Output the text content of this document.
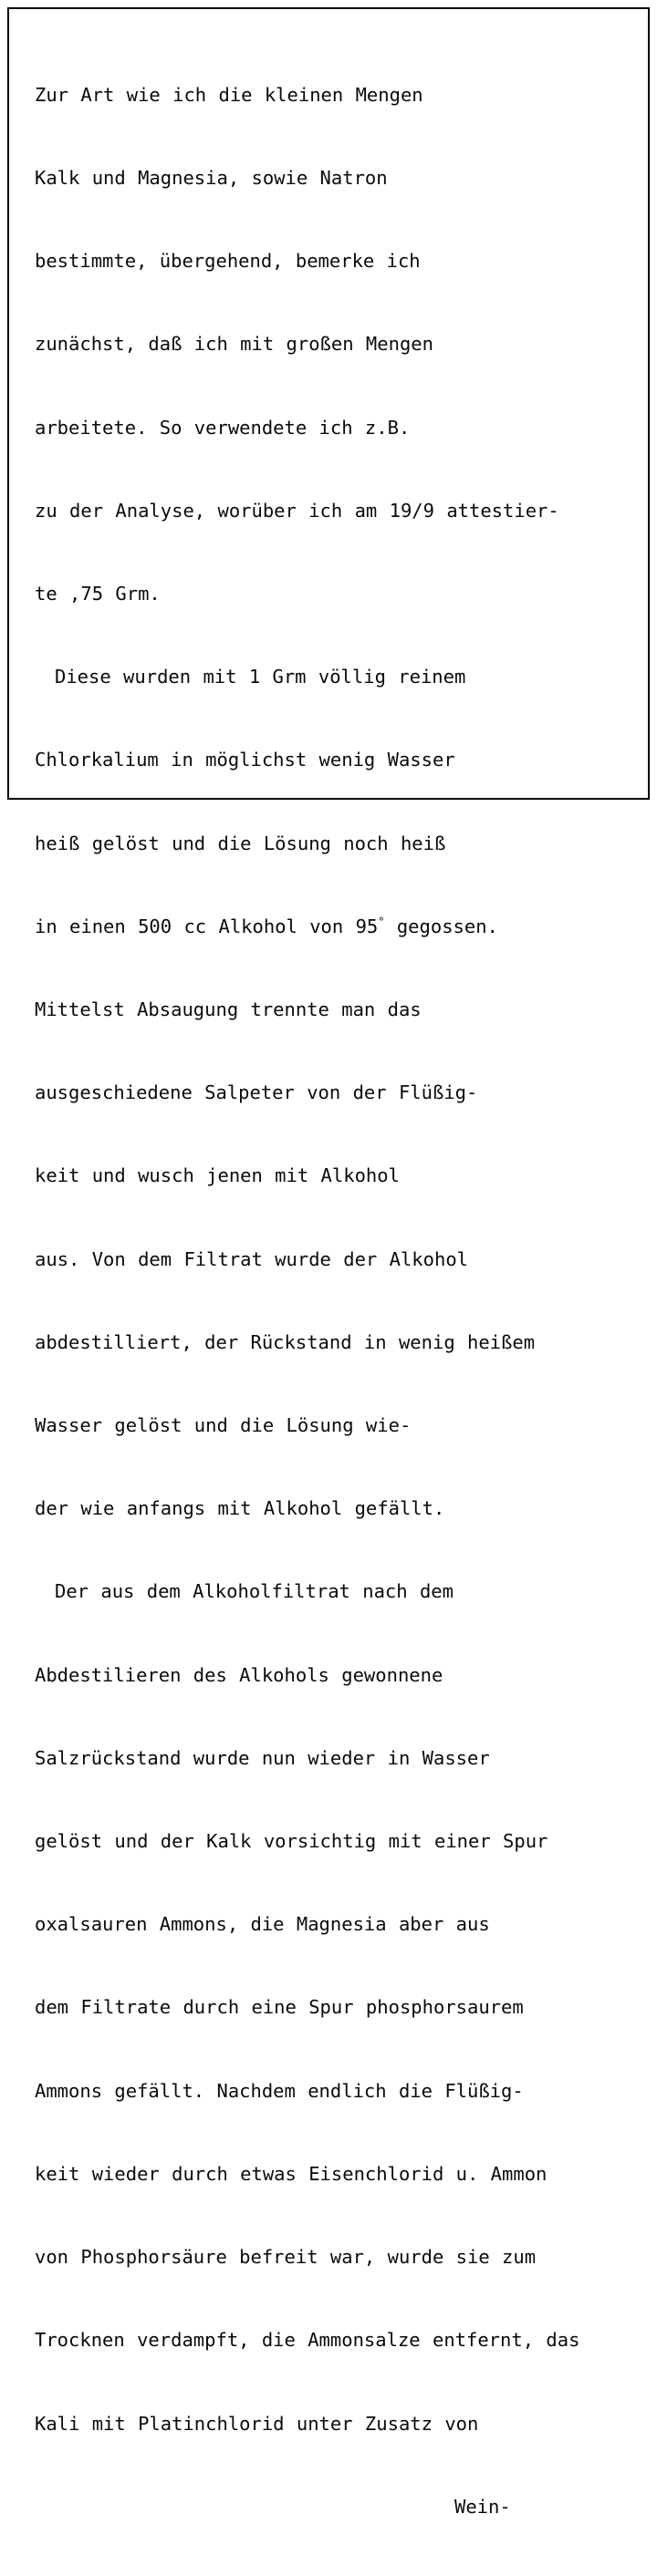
Zur Art wie ich die kleinen Mengen

Kalk und Magnesia, sowie Natron

bestimmte, übergehend, bemerke ich

zunächst, daß ich mit großen Mengen

arbeitete. So verwendete ich z.B.

zu der Analyse, worüber ich am 19/9 attestier-

te ,75 Grm.

Diese wurden mit 1 Grm völlig reinem

Chlorkalium in möglichst wenig Wasser

heiß gelöst und die Lösung noch heiß

in einen 500 cc Alkohol von 95° gegossen.

Mittelst Absaugung trennte man das

ausgeschiedene Salpeter von der Flüßig-

keit und wusch jenen mit Alkohol

aus. Von dem Filtrat wurde der Alkohol

abdestilliert, der Rückstand in wenig heißem

Wasser gelöst und die Lösung wie-

der wie anfangs mit Alkohol gefällt.

Der aus dem Alkoholfiltrat nach dem

Abdestilieren des Alkohols gewonnene

Salzrückstand wurde nun wieder in Wasser

gelöst und der Kalk vorsichtig mit einer Spur

oxalsauren Ammons, die Magnesia aber aus

dem Filtrate durch eine Spur phosphorsaurem

Ammons gefällt. Nachdem endlich die Flüßig-

keit wieder durch etwas Eisenchlorid u. Ammon

von Phosphorsäure befreit war, wurde sie zum

Trocknen verdampft, die Ammonsalze entfernt, das

Kali mit Platinchlorid unter Zusatz von

Wein-
